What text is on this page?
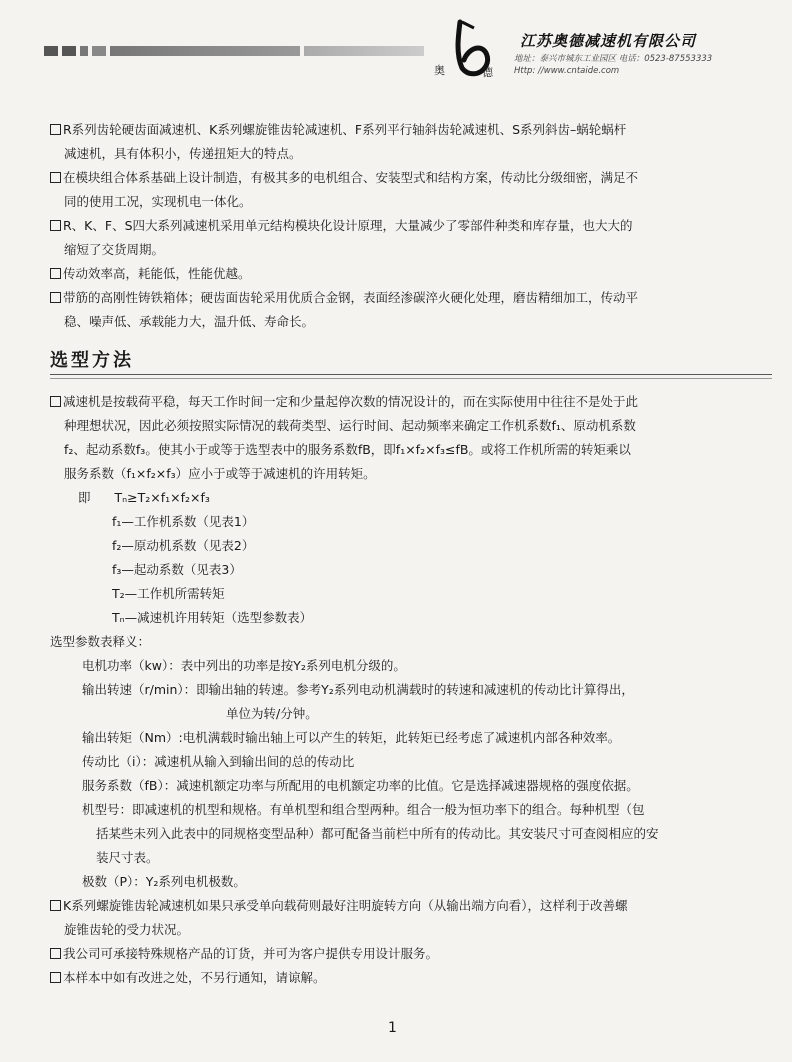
奥	德
江苏奥德减速机有限公司
地址：泰兴市城东工业园区 电话：0523-87553333
Http: //www.cntaide.com
R系列齿轮硬齿面减速机、K系列螺旋锥齿轮减速机、F系列平行轴斜齿轮减速机、S系列斜齿–蜗轮蜗杆
减速机，具有体积小，传递扭矩大的特点。
在模块组合体系基础上设计制造，有极其多的电机组合、安装型式和结构方案，传动比分级细密，满足不
同的使用工况，实现机电一体化。
R、K、F、S四大系列减速机采用单元结构模块化设计原理，大量减少了零部件种类和库存量，也大大的
缩短了交货周期。
传动效率高，耗能低，性能优越。
带筋的高刚性铸铁箱体；硬齿面齿轮采用优质合金钢，表面经渗碳淬火硬化处理，磨齿精细加工，传动平
稳、噪声低、承载能力大，温升低、寿命长。
选型方法
减速机是按载荷平稳，每天工作时间一定和少量起停次数的情况设计的，而在实际使用中往往不是处于此
种理想状况，因此必须按照实际情况的载荷类型、运行时间、起动频率来确定工作机系数f₁、原动机系数
f₂、起动系数f₃。使其小于或等于选型表中的服务系数fB，即f₁×f₂×f₃≤fB。或将工作机所需的转矩乘以
服务系数（f₁×f₂×f₃）应小于或等于减速机的许用转矩。
即 Tₙ≥T₂×f₁×f₂×f₃
f₁—工作机系数（见表1）
f₂—原动机系数（见表2）
f₃—起动系数（见表3）
T₂—工作机所需转矩
Tₙ—减速机许用转矩（选型参数表）
选型参数表释义：
电机功率（kw）：表中列出的功率是按Y₂系列电机分级的。
输出转速（r/min）：即输出轴的转速。参考Y₂系列电动机满载时的转速和减速机的传动比计算得出，
单位为转/分钟。
输出转矩（Nm）:电机满载时输出轴上可以产生的转矩，此转矩已经考虑了减速机内部各种效率。
传动比（i）：减速机从输入到输出间的总的传动比
服务系数（fB）：减速机额定功率与所配用的电机额定功率的比值。它是选择减速器规格的强度依据。
机型号：即减速机的机型和规格。有单机型和组合型两种。组合一般为恒功率下的组合。每种机型（包
括某些未列入此表中的同规格变型品种）都可配备当前栏中所有的传动比。其安装尺寸可查阅相应的安
装尺寸表。
极数（P）：Y₂系列电机极数。
K系列螺旋锥齿轮减速机如果只承受单向载荷则最好注明旋转方向（从输出端方向看），这样利于改善螺
旋锥齿轮的受力状况。
我公司可承接特殊规格产品的订货，并可为客户提供专用设计服务。
本样本中如有改进之处，不另行通知，请谅解。
1
